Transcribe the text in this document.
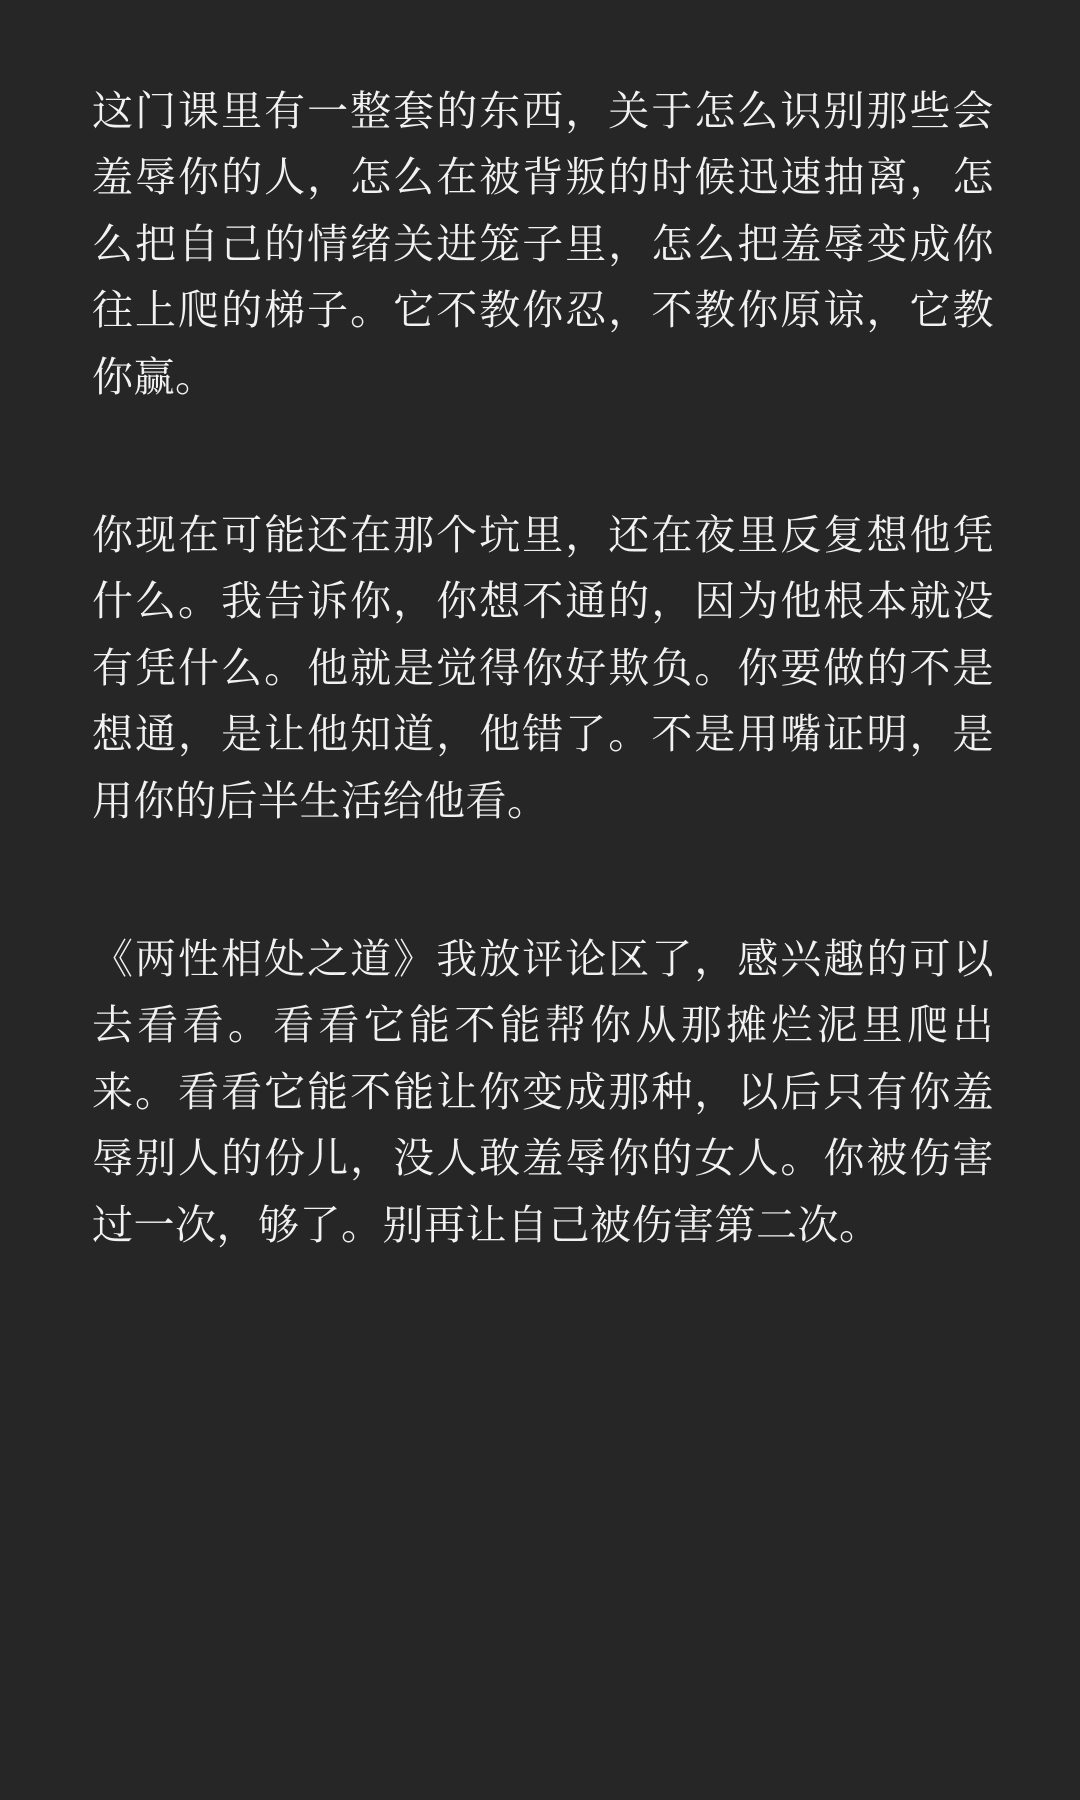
这门课里有一整套的东西，关于怎么识别那些会羞辱你的人，怎么在被背叛的时候迅速抽离，怎么把自己的情绪关进笼子里，怎么把羞辱变成你往上爬的梯子。它不教你忍，不教你原谅，它教你赢。

你现在可能还在那个坑里，还在夜里反复想他凭什么。我告诉你，你想不通的，因为他根本就没有凭什么。他就是觉得你好欺负。你要做的不是想通，是让他知道，他错了。不是用嘴证明，是用你的后半生活给他看。

《两性相处之道》我放评论区了，感兴趣的可以去看看。看看它能不能帮你从那摊烂泥里爬出来。看看它能不能让你变成那种，以后只有你羞辱别人的份儿，没人敢羞辱你的女人。你被伤害过一次，够了。别再让自己被伤害第二次。
